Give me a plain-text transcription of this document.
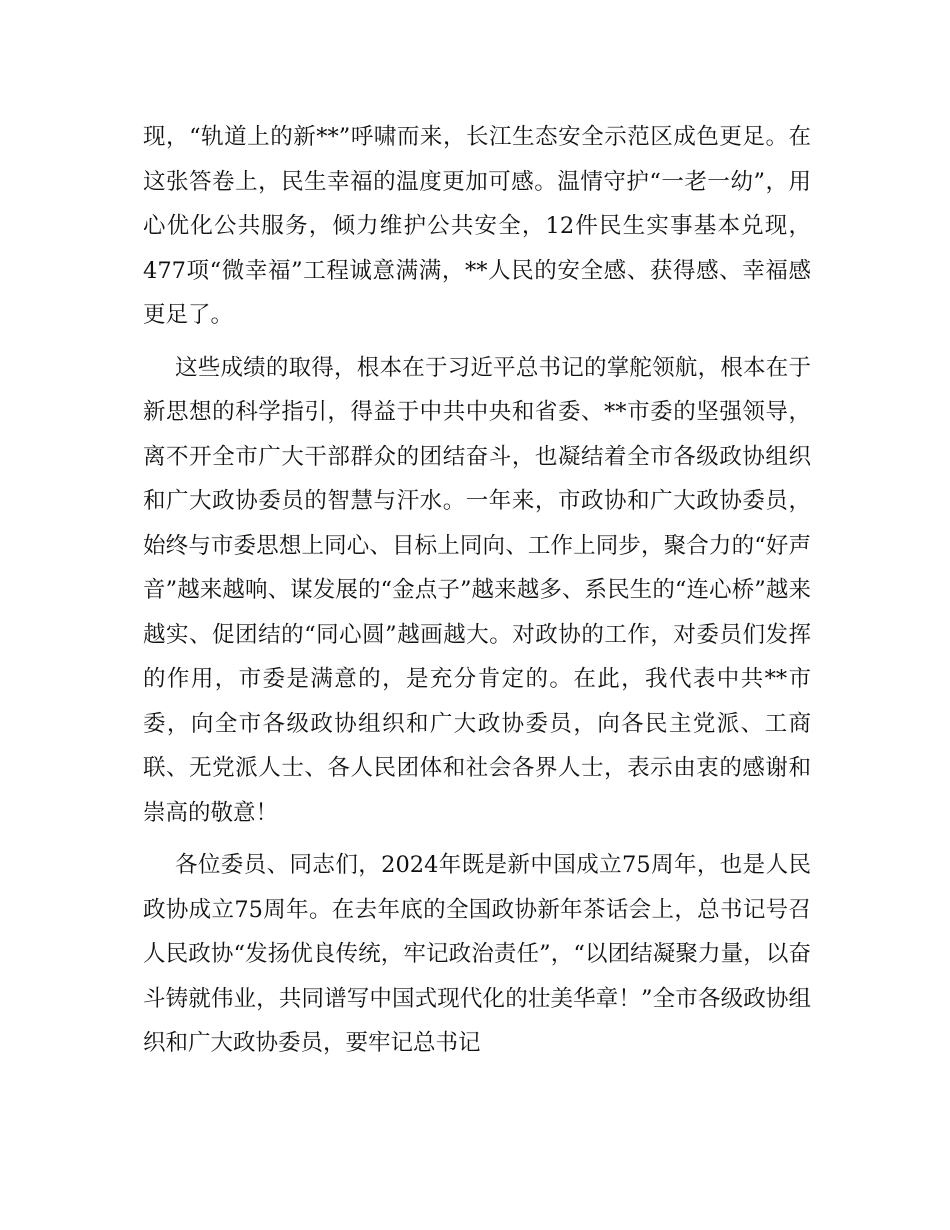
现，“轨道上的新**”呼啸而来，长江生态安全示范区成色更足。在这张答卷上，民生幸福的温度更加可感。温情守护“一老一幼”，用心优化公共服务，倾力维护公共安全，12件民生实事基本兑现，477项“微幸福”工程诚意满满，**人民的安全感、获得感、幸福感更足了。

这些成绩的取得，根本在于习近平总书记的掌舵领航，根本在于新思想的科学指引，得益于中共中央和省委、**市委的坚强领导，离不开全市广大干部群众的团结奋斗，也凝结着全市各级政协组织和广大政协委员的智慧与汗水。一年来，市政协和广大政协委员，始终与市委思想上同心、目标上同向、工作上同步，聚合力的“好声音”越来越响、谋发展的“金点子”越来越多、系民生的“连心桥”越来越实、促团结的“同心圆”越画越大。对政协的工作，对委员们发挥的作用，市委是满意的，是充分肯定的。在此，我代表中共**市委，向全市各级政协组织和广大政协委员，向各民主党派、工商联、无党派人士、各人民团体和社会各界人士，表示由衷的感谢和崇高的敬意！

各位委员、同志们，2024年既是新中国成立75周年，也是人民政协成立75周年。在去年底的全国政协新年茶话会上，总书记号召人民政协“发扬优良传统，牢记政治责任”，“以团结凝聚力量，以奋斗铸就伟业，共同谱写中国式现代化的壮美华章！”全市各级政协组织和广大政协委员，要牢记总书记
